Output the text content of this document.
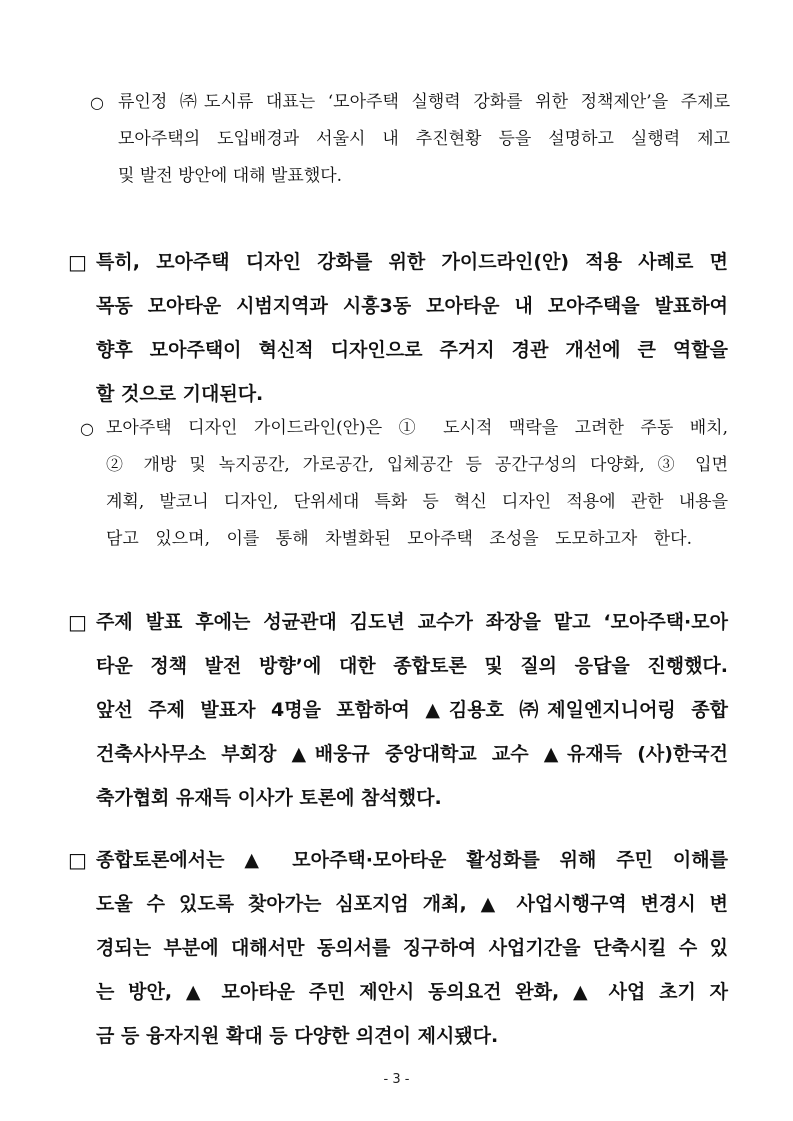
○ 류인정 ㈜도시류 대표는 ‘모아주택 실행력 강화를 위한 정책제안’을 주제로
모아주택의 도입배경과 서울시 내 추진현황 등을 설명하고 실행력 제고
및 발전 방안에 대해 발표했다.
□ 특히, 모아주택 디자인 강화를 위한 가이드라인(안) 적용 사례로 면
목동 모아타운 시범지역과 시흥3동 모아타운 내 모아주택을 발표하여
향후 모아주택이 혁신적 디자인으로 주거지 경관 개선에 큰 역할을
할 것으로 기대된다.
○ 모아주택 디자인 가이드라인(안)은 ① 도시적 맥락을 고려한 주동 배치,
② 개방 및 녹지공간, 가로공간, 입체공간 등 공간구성의 다양화, ③ 입면
계획, 발코니 디자인, 단위세대 특화 등 혁신 디자인 적용에 관한 내용을
담고 있으며, 이를 통해 차별화된 모아주택 조성을 도모하고자 한다.
□ 주제 발표 후에는 성균관대 김도년 교수가 좌장을 맡고 ‘모아주택·모아
타운 정책 발전 방향’에 대한 종합토론 및 질의 응답을 진행했다.
앞선 주제 발표자 4명을 포함하여 ▲김용호 ㈜제일엔지니어링 종합
건축사사무소 부회장 ▲배웅규 중앙대학교 교수 ▲유재득 (사)한국건
축가협회 유재득 이사가 토론에 참석했다.
□ 종합토론에서는 ▲ 모아주택·모아타운 활성화를 위해 주민 이해를
도울 수 있도록 찾아가는 심포지엄 개최, ▲ 사업시행구역 변경시 변
경되는 부분에 대해서만 동의서를 징구하여 사업기간을 단축시킬 수 있
는 방안, ▲ 모아타운 주민 제안시 동의요건 완화, ▲ 사업 초기 자
금 등 융자지원 확대 등 다양한 의견이 제시됐다.
- 3 -
